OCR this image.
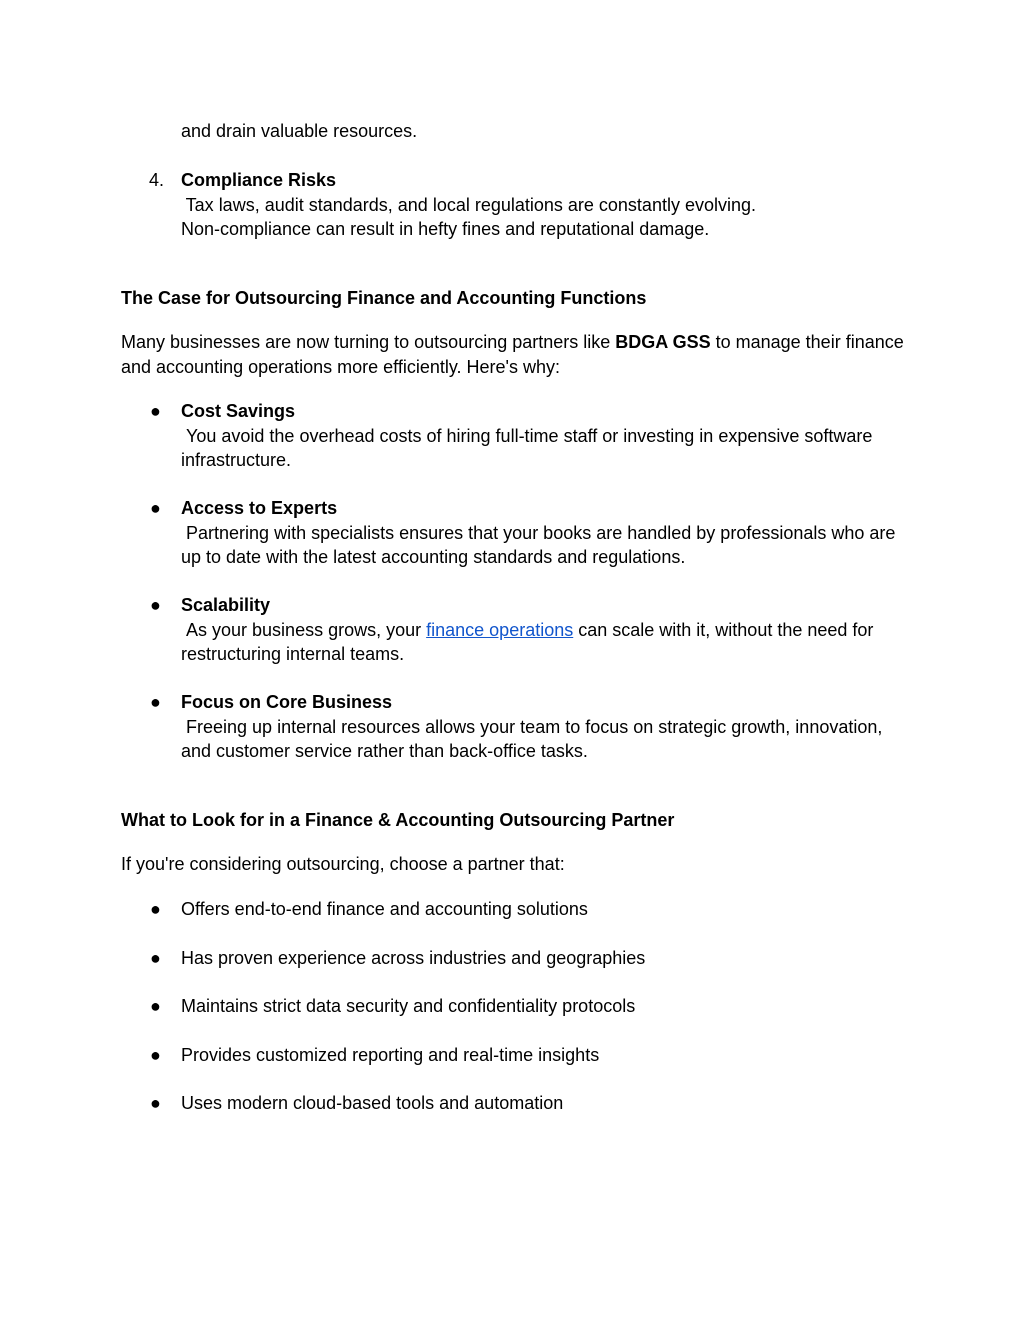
and drain valuable resources.
4. Compliance Risks
Tax laws, audit standards, and local regulations are constantly evolving.
Non-compliance can result in hefty fines and reputational damage.
The Case for Outsourcing Finance and Accounting Functions
Many businesses are now turning to outsourcing partners like BDGA GSS to manage their finance and accounting operations more efficiently. Here's why:
●	Cost Savings
You avoid the overhead costs of hiring full-time staff or investing in expensive software infrastructure.
●	Access to Experts
Partnering with specialists ensures that your books are handled by professionals who are up to date with the latest accounting standards and regulations.
●	Scalability
As your business grows, your finance operations can scale with it, without the need for restructuring internal teams.
●	Focus on Core Business
Freeing up internal resources allows your team to focus on strategic growth, innovation, and customer service rather than back-office tasks.
What to Look for in a Finance & Accounting Outsourcing Partner
If you're considering outsourcing, choose a partner that:
●	Offers end-to-end finance and accounting solutions
●	Has proven experience across industries and geographies
●	Maintains strict data security and confidentiality protocols
●	Provides customized reporting and real-time insights
●	Uses modern cloud-based tools and automation
